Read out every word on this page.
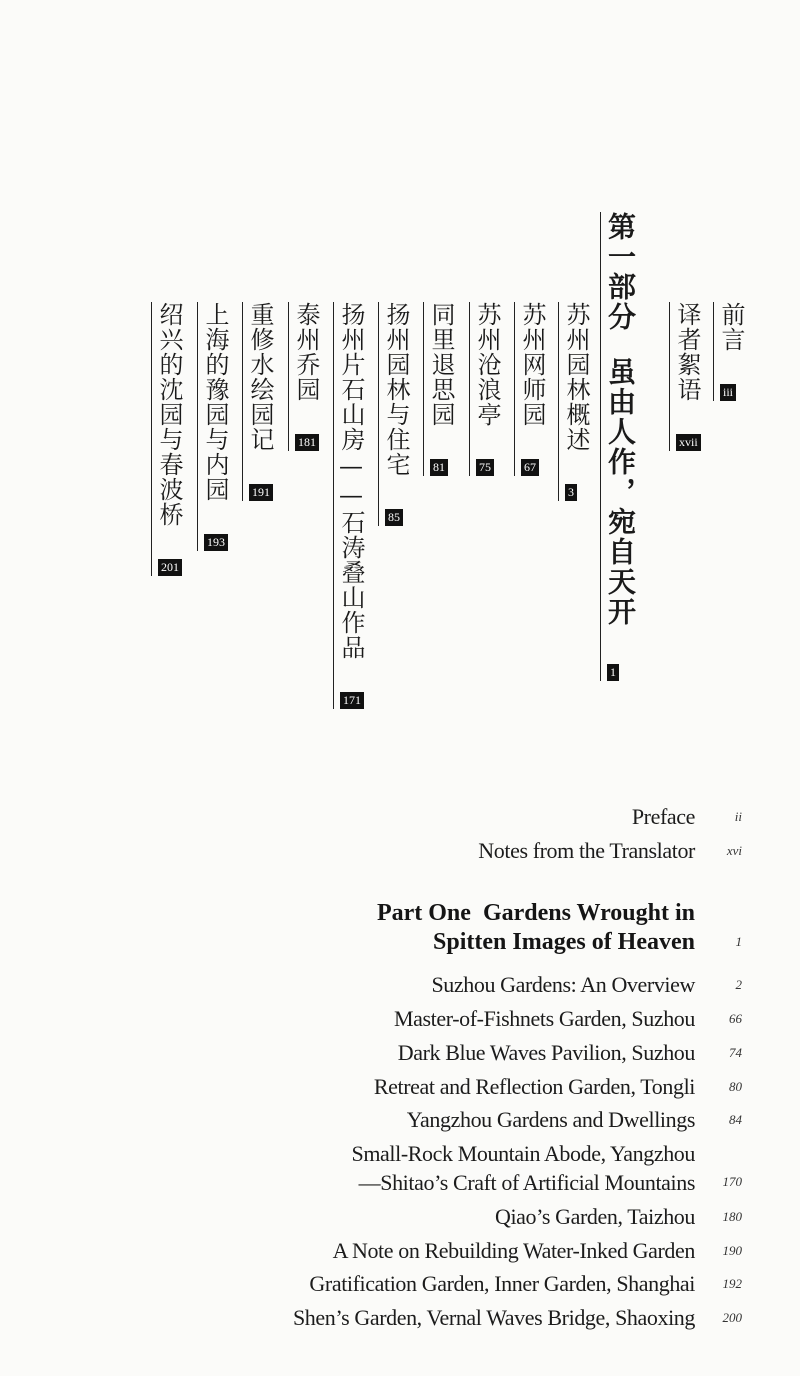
前言
iii
译者絮语
xvii
第一部分
虽由人作，宛自天开
1
苏州园林概述
3
苏州网师园
67
苏州沧浪亭
75
同里退思园
81
扬州园林与住宅
85
扬州片石山房——石涛叠山作品
171
泰州乔园
181
重修水绘园记
191
上海的豫园与内园
193
绍兴的沈园与春波桥
201
Preface	ii
Notes from the Translator xvi
Part One Gardens Wrought in
Spitten Images of Heaven	1
Suzhou Gardens: An Overview	2
Master-of-Fishnets Garden, Suzhou	66
Dark Blue Waves Pavilion, Suzhou	74
Retreat and Reflection Garden, Tongli	80
Yangzhou Gardens and Dwellings	84
Small-Rock Mountain Abode, Yangzhou
—Shitao’s Craft of Artificial Mountains 170
Qiao’s Garden, Taizhou 180
A Note on Rebuilding Water-Inked Garden 190
Gratification Garden, Inner Garden, Shanghai 192
Shen’s Garden, Vernal Waves Bridge, Shaoxing 200
